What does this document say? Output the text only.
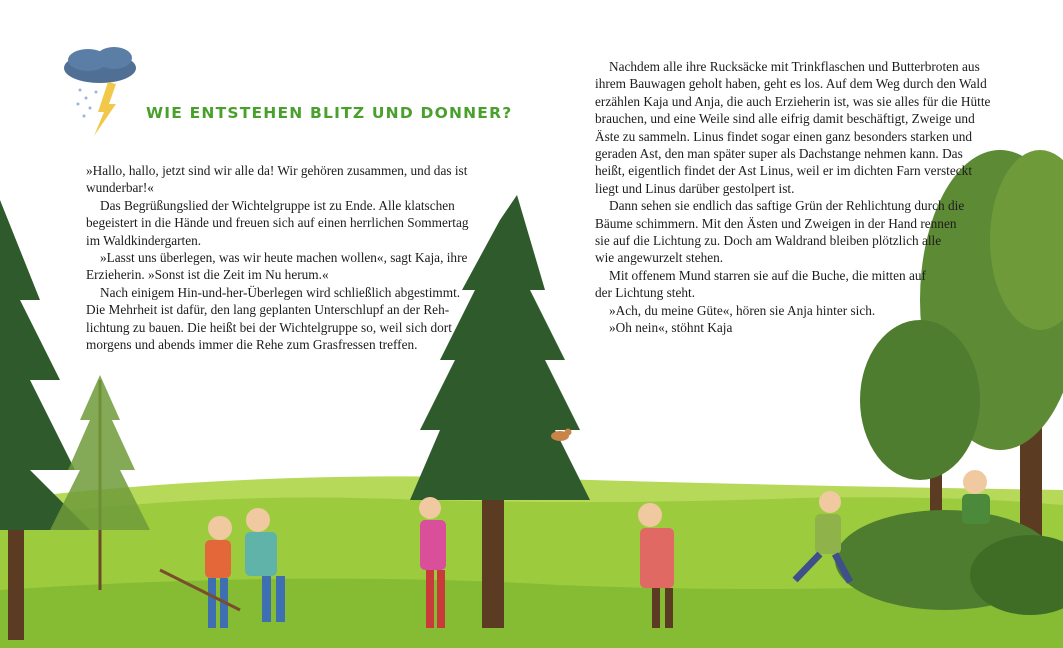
WIE ENTSTEHEN BLITZ UND DONNER?

»Hallo, hallo, jetzt sind wir alle da! Wir gehören zusammen, und das ist

wunderbar!«

Das Begrüßungslied der Wichtelgruppe ist zu Ende. Alle klatschen

begeistert in die Hände und freuen sich auf einen herrlichen Sommertag

im Waldkindergarten.

»Lasst uns überlegen, was wir heute machen wollen«, sagt Kaja, ihre

Erzieherin. »Sonst ist die Zeit im Nu herum.«

Nach einigem Hin-und-her-Überlegen wird schließlich abgestimmt.

Die Mehrheit ist dafür, den lang geplanten Unterschlupf an der Reh-

lichtung zu bauen. Die heißt bei der Wichtelgruppe so, weil sich dort

morgens und abends immer die Rehe zum Grasfressen treffen.

Nachdem alle ihre Rucksäcke mit Trinkflaschen und Butterbroten aus

ihrem Bauwagen geholt haben, geht es los. Auf dem Weg durch den Wald

erzählen Kaja und Anja, die auch Erzieherin ist, was sie alles für die Hütte

brauchen, und eine Weile sind alle eifrig damit beschäftigt, Zweige und

Äste zu sammeln. Linus findet sogar einen ganz besonders starken und

geraden Ast, den man später super als Dachstange nehmen kann. Das

heißt, eigentlich findet der Ast Linus, weil er im dichten Farn versteckt

liegt und Linus darüber gestolpert ist.

Dann sehen sie endlich das saftige Grün der Rehlichtung durch die

Bäume schimmern. Mit den Ästen und Zweigen in der Hand rennen

sie auf die Lichtung zu. Doch am Waldrand bleiben plötzlich alle

wie angewurzelt stehen.

Mit offenem Mund starren sie auf die Buche, die mitten auf

der Lichtung steht.

»Ach, du meine Güte«, hören sie Anja hinter sich.

»Oh nein«, stöhnt Kaja
